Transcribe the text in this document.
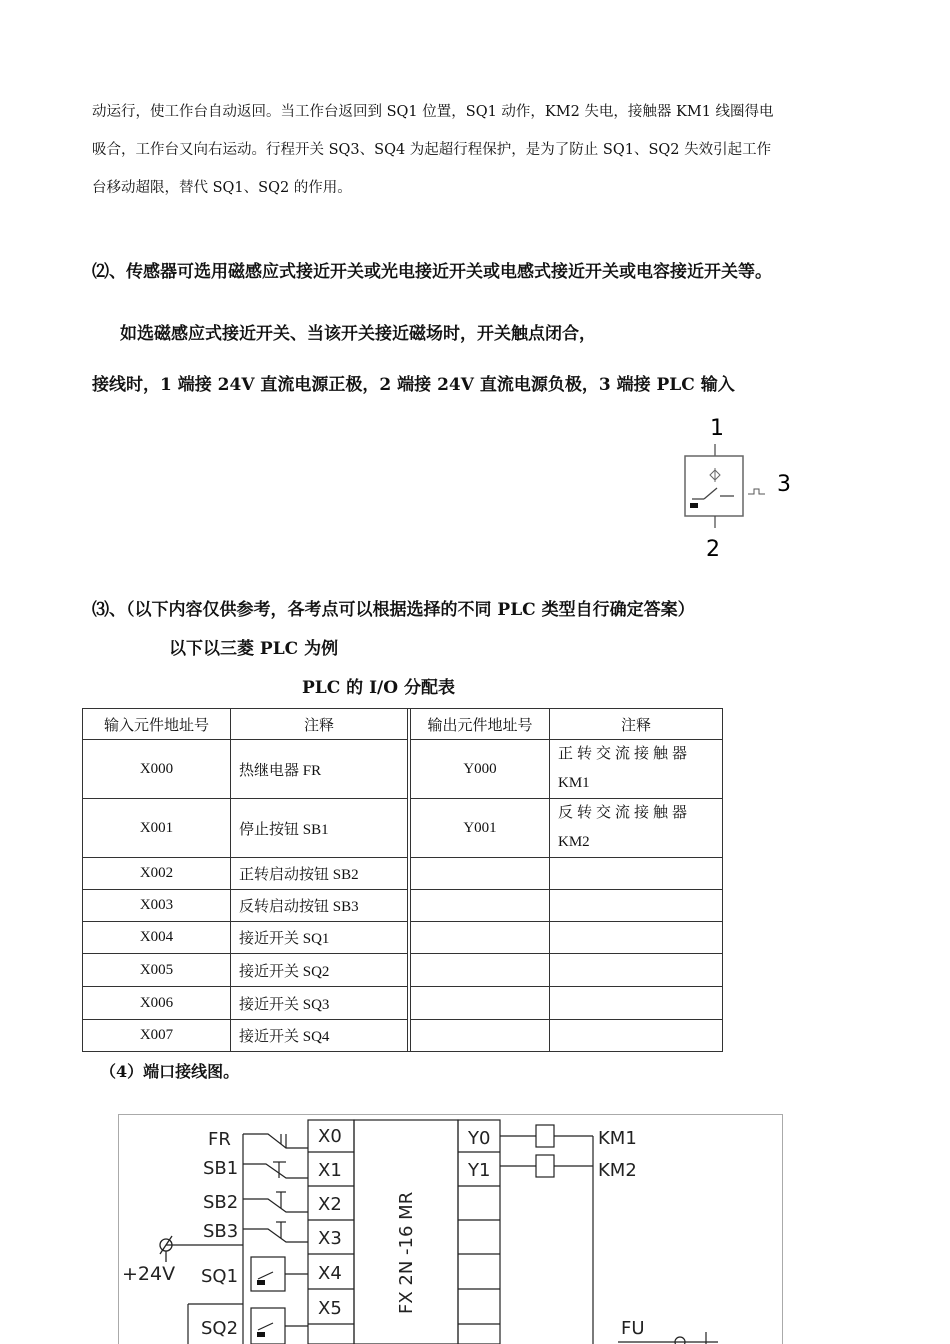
动运行，使工作台自动返回。当工作台返回到 SQ1 位置，SQ1 动作，KM2 失电，接触器 KM1 线圈得电

吸合，工作台又向右运动。行程开关 SQ3、SQ4 为起超行程保护，是为了防止 SQ1、SQ2 失效引起工作

台移动超限，替代 SQ1、SQ2 的作用。

⑵、传感器可选用磁感应式接近开关或光电接近开关或电感式接近开关或电容接近开关等。

如选磁感应式接近开关、当该开关接近磁场时，开关触点闭合，

接线时，1 端接 24V 直流电源正极，2 端接 24V 直流电源负极，3 端接 PLC 输入

1
3
2

⑶、（以下内容仅供参考，各考点可以根据选择的不同 PLC 类型自行确定答案）

以下以三菱 PLC 为例

PLC 的 I/O 分配表

输入元件地址号	注释		输出元件地址号	注释
X000	热继电器 FR		Y000	正转交流接触器
KM1
X001	停止按钮 SB1		Y001	反转交流接触器
KM2
X002	正转启动按钮 SB2			
X003	反转启动按钮 SB3			
X004	接近开关 SQ1			
X005	接近开关 SQ2			
X006	接近开关 SQ3			
X007	接近开关 SQ4			

（4）端口接线图。

FR
SB1
SB2
SB3
SQ1
SQ2
+24V
X0
X1
X2
X3
X4
X5	FX 2N -16 MR
Y0
Y1
KM1
KM2
FU
